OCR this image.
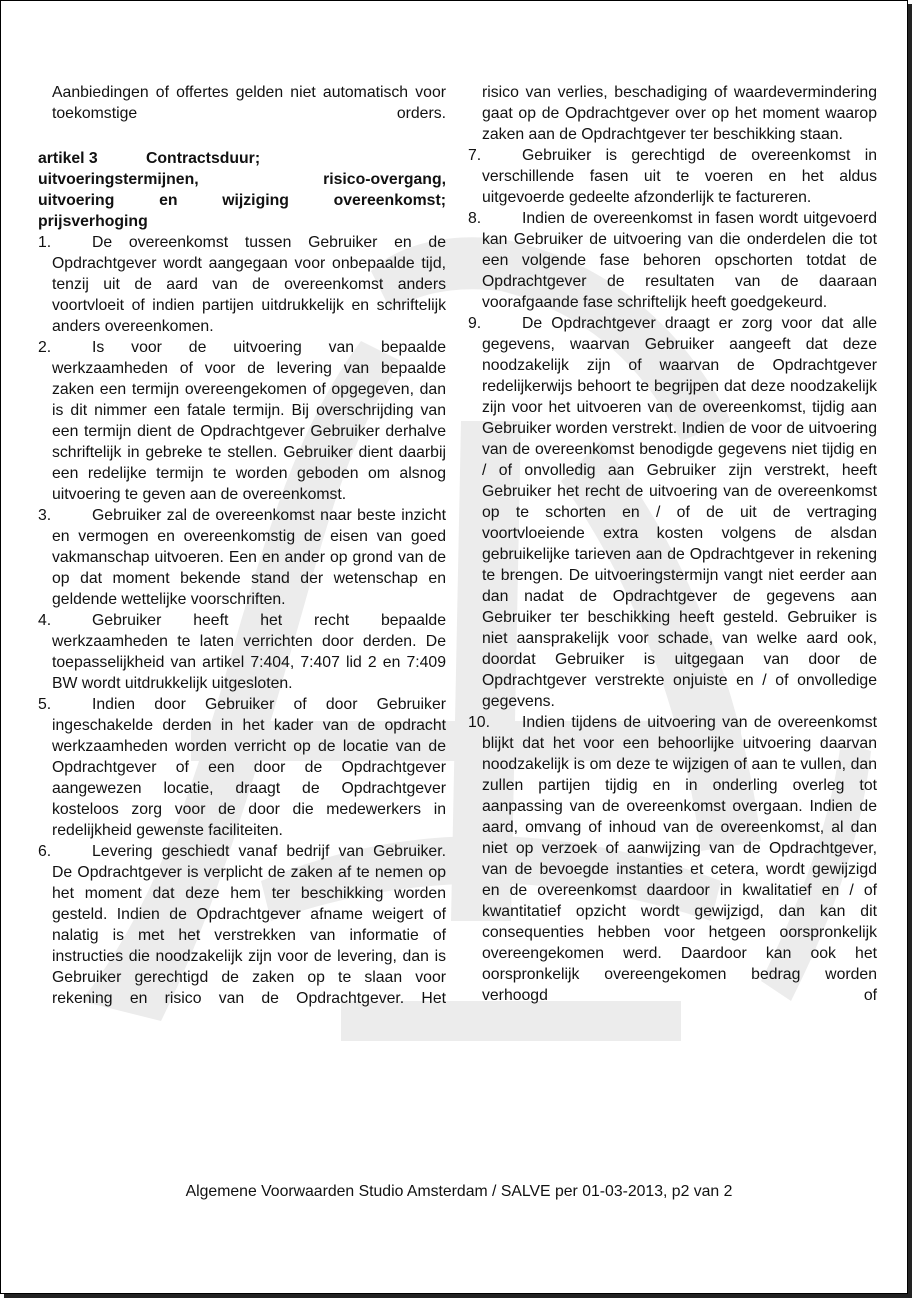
Aanbiedingen of offertes gelden niet automatisch voor toekomstige orders.

artikel 3	Contractsduur;
uitvoeringstermijnen,	risico-overgang,

uitvoering en wijziging overeenkomst;

prijsverhoging

1.	De overeenkomst tussen Gebruiker en de Opdrachtgever wordt aangegaan voor onbepaalde tijd, tenzij uit de aard van de overeenkomst anders voortvloeit of indien partijen uitdrukkelijk en schriftelijk anders overeenkomen.

2.	Is voor de uitvoering van bepaalde werkzaamheden of voor de levering van bepaalde zaken een termijn overeengekomen of opgegeven, dan is dit nimmer een fatale termijn. Bij overschrijding van een termijn dient de Opdrachtgever Gebruiker derhalve schriftelijk in gebreke te stellen. Gebruiker dient daarbij een redelijke termijn te worden geboden om alsnog uitvoering te geven aan de overeenkomst.

3.	Gebruiker zal de overeenkomst naar beste inzicht en vermogen en overeenkomstig de eisen van goed vakmanschap uitvoeren. Een en ander op grond van de op dat moment bekende stand der wetenschap en geldende wettelijke voorschriften.

4.	Gebruiker heeft het recht bepaalde werkzaamheden te laten verrichten door derden. De toepasselijkheid van artikel 7:404, 7:407 lid 2 en 7:409 BW wordt uitdrukkelijk uitgesloten.

5.	Indien door Gebruiker of door Gebruiker ingeschakelde derden in het kader van de opdracht werkzaamheden worden verricht op de locatie van de Opdrachtgever of een door de Opdrachtgever aangewezen locatie, draagt de Opdrachtgever kosteloos zorg voor de door die medewerkers in redelijkheid gewenste faciliteiten.

6.	Levering geschiedt vanaf bedrijf van Gebruiker. De Opdrachtgever is verplicht de zaken af te nemen op het moment dat deze hem ter beschikking worden gesteld. Indien de Opdrachtgever afname weigert of nalatig is met het verstrekken van informatie of instructies die noodzakelijk zijn voor de levering, dan is Gebruiker gerechtigd de zaken op te slaan voor rekening en risico van de Opdrachtgever. Het

risico van verlies, beschadiging of waardevermindering gaat op de Opdrachtgever over op het moment waarop zaken aan de Opdrachtgever ter beschikking staan.

7.	Gebruiker is gerechtigd de overeenkomst in verschillende fasen uit te voeren en het aldus uitgevoerde gedeelte afzonderlijk te factureren.

8.	Indien de overeenkomst in fasen wordt uitgevoerd kan Gebruiker de uitvoering van die onderdelen die tot een volgende fase behoren opschorten totdat de Opdrachtgever de resultaten van de daaraan voorafgaande fase schriftelijk heeft goedgekeurd.

9.	De Opdrachtgever draagt er zorg voor dat alle gegevens, waarvan Gebruiker aangeeft dat deze noodzakelijk zijn of waarvan de Opdrachtgever redelijkerwijs behoort te begrijpen dat deze noodzakelijk zijn voor het uitvoeren van de overeenkomst, tijdig aan Gebruiker worden verstrekt. Indien de voor de uitvoering van de overeenkomst benodigde gegevens niet tijdig en / of onvolledig aan Gebruiker zijn verstrekt, heeft Gebruiker het recht de uitvoering van de overeenkomst op te schorten en / of de uit de vertraging voortvloeiende extra kosten volgens de alsdan gebruikelijke tarieven aan de Opdrachtgever in rekening te brengen. De uitvoeringstermijn vangt niet eerder aan dan nadat de Opdrachtgever de gegevens aan Gebruiker ter beschikking heeft gesteld. Gebruiker is niet aansprakelijk voor schade, van welke aard ook, doordat Gebruiker is uitgegaan van door de Opdrachtgever verstrekte onjuiste en / of onvolledige gegevens.

10.	Indien tijdens de uitvoering van de overeenkomst blijkt dat het voor een behoorlijke uitvoering daarvan noodzakelijk is om deze te wijzigen of aan te vullen, dan zullen partijen tijdig en in onderling overleg tot aanpassing van de overeenkomst overgaan. Indien de aard, omvang of inhoud van de overeenkomst, al dan niet op verzoek of aanwijzing van de Opdrachtgever, van de bevoegde instanties et cetera, wordt gewijzigd en de overeenkomst daardoor in kwalitatief en / of kwantitatief opzicht wordt gewijzigd, dan kan dit consequenties hebben voor hetgeen oorspronkelijk overeengekomen werd. Daardoor kan ook het oorspronkelijk overeengekomen bedrag worden verhoogd of

Algemene Voorwaarden Studio Amsterdam / SALVE per 01-03-2013, p2 van 2
